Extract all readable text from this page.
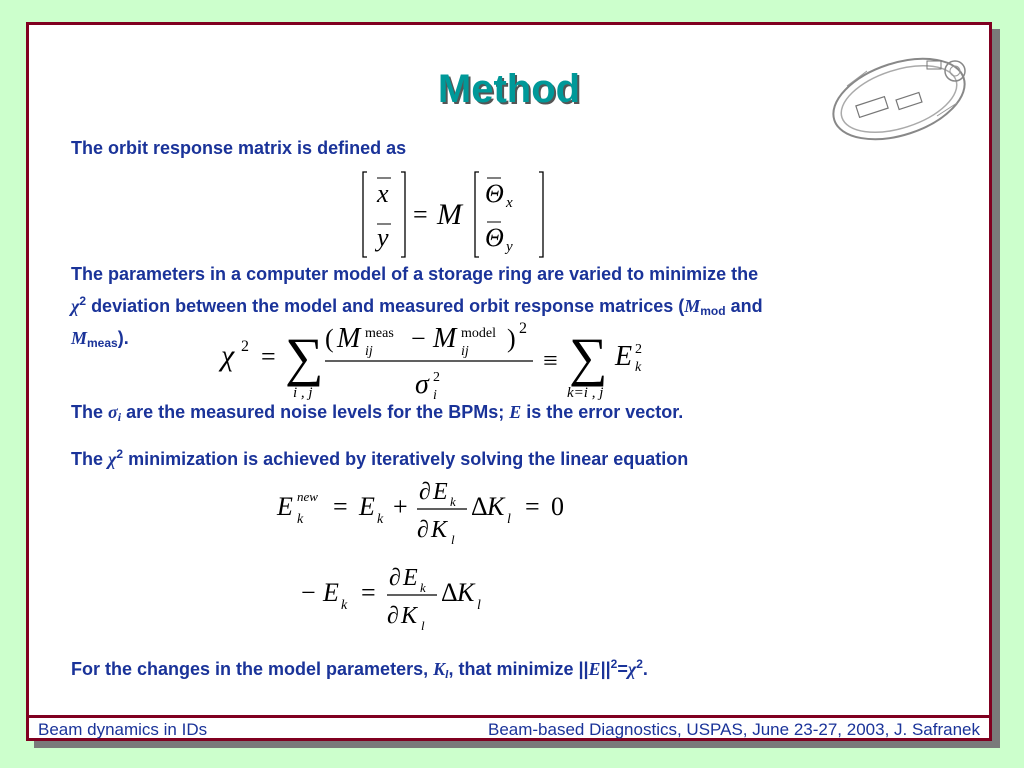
Method
The orbit response matrix is defined as
x
y
= M
Θ x
Θ y
The parameters in a computer model of a storage ring are varied to minimize the
$\chi^2$ deviation between the model and measured orbit response matrices ($M_{mod}$ and
$M_{meas}$).
χ 2 = ∑
i , j
( M meas
ij − M model
ij ) 2
σ 2
i
≡ ∑
k=i , j
E 2
k
The $\sigma_i$ are the measured noise levels for the BPMs; E is the error vector.
The $\chi^2$ minimization is achieved by iteratively solving the linear equation
E new
k = E k + ∂ E k
∂ K l
Δ K l = 0
− E k = ∂ E k
∂ K l
Δ K l
For the changes in the model parameters, $K_l$, that minimize $||E||^2=\chi^2$.
Beam dynamics in IDs	Beam-based Diagnostics, USPAS, June 23-27, 2003, J. Safranek
